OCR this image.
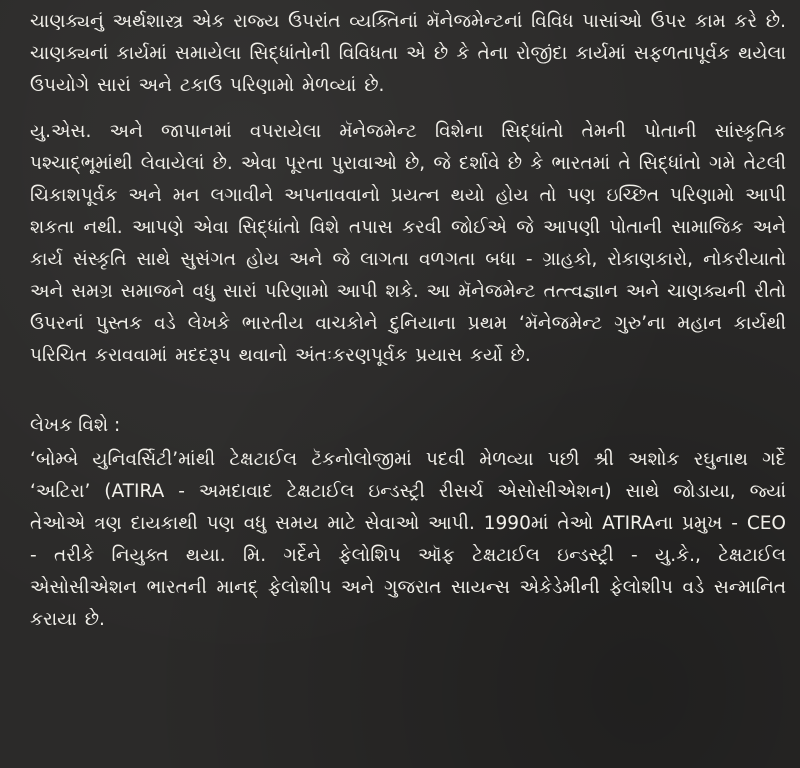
ચાણક્યનું અર્થશાસ્ત્ર એક રાજ્ય ઉપરાંત વ્યક્તિનાં મૅનેજમેન્ટનાં વિવિધ પાસાંઓ ઉપર કામ કરે છે. ચાણક્યનાં કાર્યમાં સમાયેલા સિદ્ધાંતોની વિવિધતા એ છે કે તેના રોજીંદા કાર્યમાં સફળતાપૂર્વક થયેલા ઉપયોગે સારાં અને ટકાઉ પરિણામો મેળવ્યાં છે.

યુ.એસ. અને જાપાનમાં વપરાયેલા મૅનેજમેન્ટ વિશેના સિદ્ધાંતો તેમની પોતાની સાંસ્કૃતિક પશ્ચાદ્ભૂમાંથી લેવાયેલાં છે. એવા પૂરતા પુરાવાઓ છે, જે દર્શાવે છે કે ભારતમાં તે સિદ્ધાંતો ગમે તેટલી ચિકાશપૂર્વક અને મન લગાવીને અપનાવવાનો પ્રયત્ન થયો હોય તો પણ ઇચ્છિત પરિણામો આપી શકતા નથી. આપણે એવા સિદ્ધાંતો વિશે તપાસ કરવી જોઈએ જે આપણી પોતાની સામાજિક અને કાર્ય સંસ્કૃતિ સાથે સુસંગત હોય અને જે લાગતા વળગતા બધા - ગ્રાહકો, રોકાણકારો, નોકરીયાતો અને સમગ્ર સમાજને વધુ સારાં પરિણામો આપી શકે. આ મૅનેજમેન્ટ તત્ત્વજ્ઞાન અને ચાણક્યની રીતો ઉપરનાં પુસ્તક વડે લેખકે ભારતીય વાચકોને દુનિયાના પ્રથમ ‘મૅનેજમેન્ટ ગુરુ’ના મહાન કાર્યથી પરિચિત કરાવવામાં મદદરૂપ થવાનો અંતઃકરણપૂર્વક પ્રયાસ કર્યો છે.

લેખક વિશે :

‘બોમ્બે યુનિવર્સિટી’માંથી ટેક્ષટાઈલ ટૅકનોલોજીમાં પદવી મેળવ્યા પછી શ્રી અશોક રઘુનાથ ગર્દે ‘અટિરા’ (ATIRA - અમદાવાદ ટેક્ષટાઈલ ઇન્ડસ્ટ્રી રીસર્ચ એસોસીએશન) સાથે જોડાયા, જ્યાં તેઓએ ત્રણ દાયકાથી પણ વધુ સમય માટે સેવાઓ આપી. 1990માં તેઓ ATIRAના પ્રમુખ - CEO - તરીકે નિયુક્ત થયા. મિ. ગર્દેને ફેલોશિપ ઑફ ટેક્ષટાઈલ ઇન્ડસ્ટ્રી - યુ.કે., ટેક્ષટાઈલ એસોસીએશન ભારતની માનદ્ ફેલોશીપ અને ગુજરાત સાયન્સ એકેડેમીની ફેલોશીપ વડે સન્માનિત કરાયા છે.
